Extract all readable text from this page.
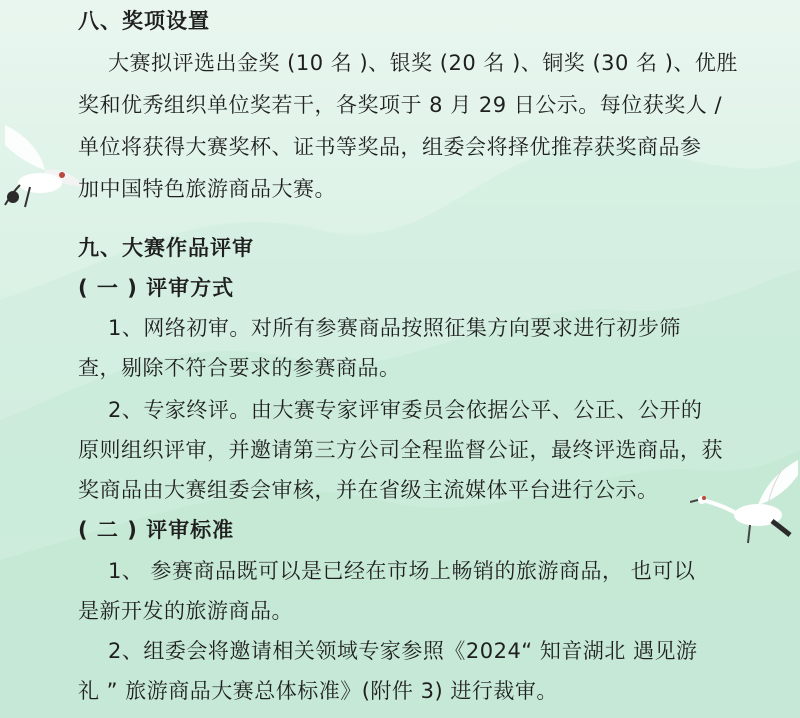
八、奖项设置
大赛拟评选出金奖 (10 名 )、银奖 (20 名 )、铜奖 (30 名 )、优胜
奖和优秀组织单位奖若干，各奖项于 8 月 29 日公示。每位获奖人 /
单位将获得大赛奖杯、证书等奖品，组委会将择优推荐获奖商品参
加中国特色旅游商品大赛。
九、大赛作品评审
( 一 ) 评审方式
1、网络初审。对所有参赛商品按照征集方向要求进行初步筛
查，剔除不符合要求的参赛商品。
2、专家终评。由大赛专家评审委员会依据公平、公正、公开的
原则组织评审，并邀请第三方公司全程监督公证，最终评选商品，获
奖商品由大赛组委会审核，并在省级主流媒体平台进行公示。
( 二 ) 评审标准
1、 参赛商品既可以是已经在市场上畅销的旅游商品， 也可以
是新开发的旅游商品。
2、组委会将邀请相关领域专家参照《2024“ 知音湖北 遇见游
礼 ” 旅游商品大赛总体标准》(附件 3) 进行裁审。
